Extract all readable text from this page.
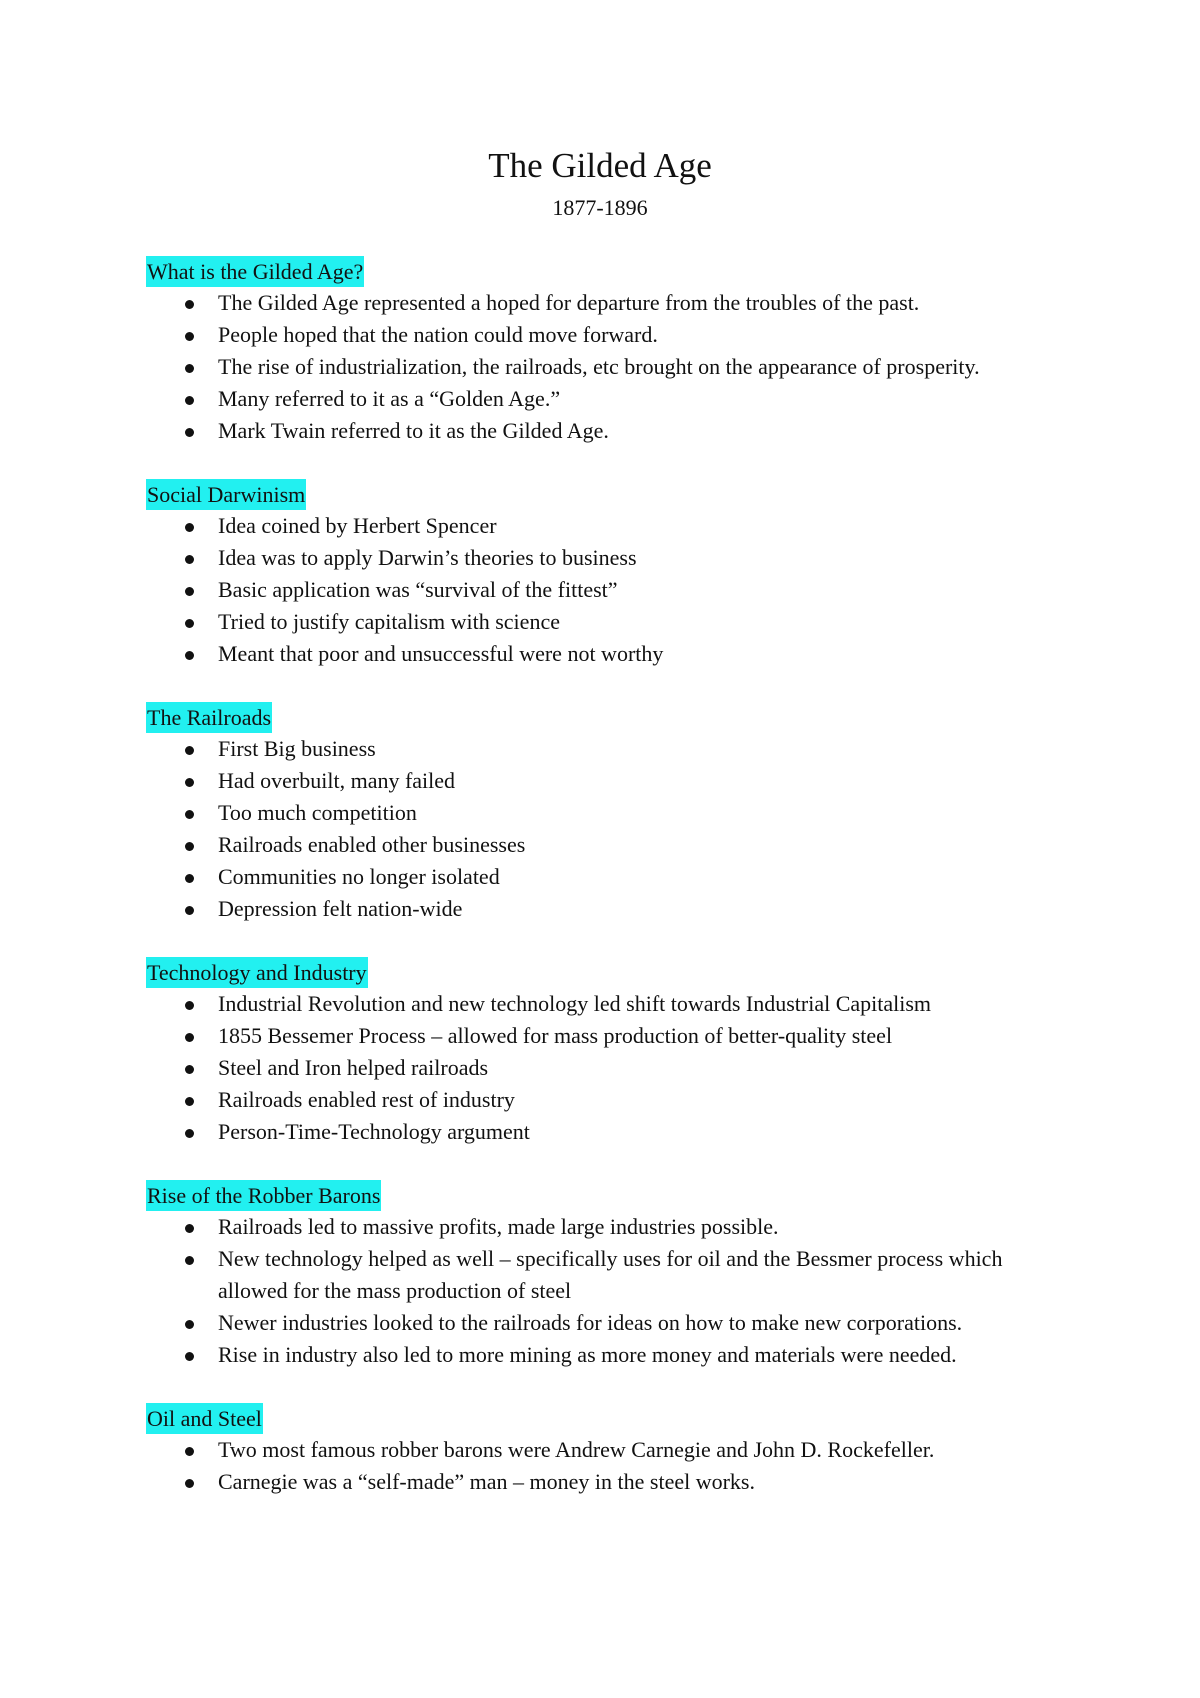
The Gilded Age
1877-1896
What is the Gilded Age?
The Gilded Age represented a hoped for departure from the troubles of the past.
People hoped that the nation could move forward.
The rise of industrialization, the railroads, etc brought on the appearance of prosperity.
Many referred to it as a “Golden Age.”
Mark Twain referred to it as the Gilded Age.
Social Darwinism
Idea coined by Herbert Spencer
Idea was to apply Darwin’s theories to business
Basic application was “survival of the fittest”
Tried to justify capitalism with science
Meant that poor and unsuccessful were not worthy
The Railroads
First Big business
Had overbuilt, many failed
Too much competition
Railroads enabled other businesses
Communities no longer isolated
Depression felt nation-wide
Technology and Industry
Industrial Revolution and new technology led shift towards Industrial Capitalism
1855 Bessemer Process – allowed for mass production of better-quality steel
Steel and Iron helped railroads
Railroads enabled rest of industry
Person-Time-Technology argument
Rise of the Robber Barons
Railroads led to massive profits, made large industries possible.
New technology helped as well – specifically uses for oil and the Bessmer process which allowed for the mass production of steel
Newer industries looked to the railroads for ideas on how to make new corporations.
Rise in industry also led to more mining as more money and materials were needed.
Oil and Steel
Two most famous robber barons were Andrew Carnegie and John D. Rockefeller.
Carnegie was a “self-made” man – money in the steel works.
